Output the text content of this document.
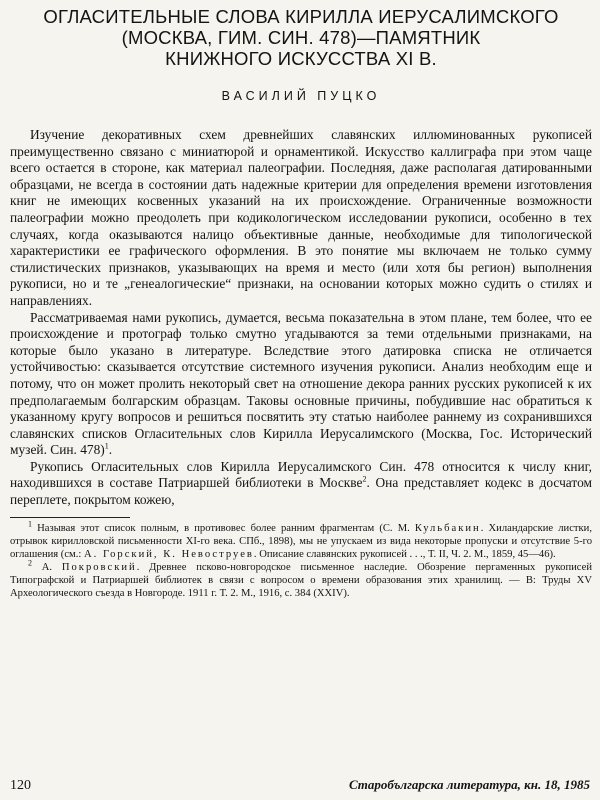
ОГЛАСИТЕЛЬНЫЕ СЛОВА КИРИЛЛА ИЕРУСАЛИМСКОГО
(МОСКВА, ГИМ. СИН. 478)—ПАМЯТНИК
КНИЖНОГО ИСКУССТВА XI В.
ВАСИЛИЙ ПУЦКО

Изучение декоративных схем древнейших славянских иллюминованных рукописей преимущественно связано с миниатюрой и орнаментикой. Искусство каллиграфа при этом чаще всего остается в стороне, как материал палеографии. Последняя, даже располагая датированными образцами, не всегда в состоянии дать надежные критерии для определения времени изготовления книг не имеющих косвенных указаний на их происхождение. Ограниченные возможности палеографии можно преодолеть при кодикологическом исследовании рукописи, особенно в тех случаях, когда оказываются налицо объективные данные, необходимые для типологической характеристики ее графического оформления. В это понятие мы включаем не только сумму стилистических признаков, указывающих на время и место (или хотя бы регион) выполнения рукописи, но и те „генеалогические“ признаки, на основании которых можно судить о стилях и направлениях.

Рассматриваемая нами рукопись, думается, весьма показательна в этом плане, тем более, что ее происхождение и протограф только смутно угадываются за теми отдельными признаками, на которые было указано в литературе. Вследствие этого датировка списка не отличается устойчивостью: сказывается отсутствие системного изучения рукописи. Анализ необходим еще и потому, что он может пролить некоторый свет на отношение декора ранних русских рукописей к их предполагаемым болгарским образцам. Таковы основные причины, побудившие нас обратиться к указанному кругу вопросов и решиться посвятить эту статью наиболее раннему из сохранившихся славянских списков Огласительных слов Кирилла Иерусалимского (Москва, Гос. Исторический музей. Син. 478)$^1$.

Рукопись Огласительных слов Кирилла Иерусалимского Син. 478 относится к числу книг, находившихся в составе Патриаршей библиотеки в Москве$^2$. Она представляет кодекс в досчатом переплете, покрытом кожею,

$^1$ Называя этот список полным, в противовес более ранним фрагментам (С. М. Кульбакин. Хиландарские листки, отрывок кирилловской письменности XI-го века. СПб., 1898), мы не упускаем из вида некоторые пропуски и отсутствие 5-го оглашения (см.: А. Горский, К. Невоструев. Описание славянских рукописей . . ., Т. II, Ч. 2. М., 1859, 45—46).

$^2$ А. Покровский. Древнее псково-новгородское письменное наследие. Обозрение пергаменных рукописей Типографской и Патриаршей библиотек в связи с вопросом о времени образования этих хранилищ. — В: Труды XV Археологического съезда в Новгороде. 1911 г. Т. 2. М., 1916, с. 384 (XXIV).

120	Старобългарска литература, кн. 18, 1985
